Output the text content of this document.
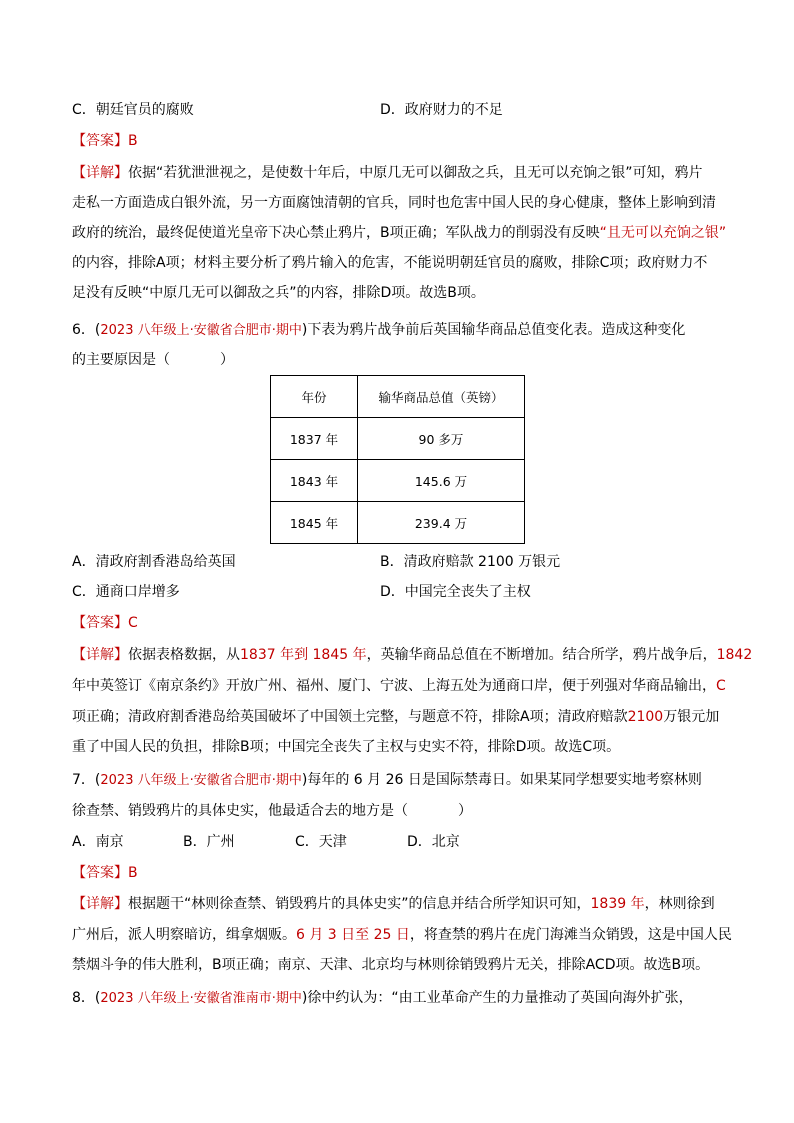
C．朝廷官员的腐败	D．政府财力的不足
【答案】B
【详解】依据“若犹泄泄视之，是使数十年后，中原几无可以御敌之兵，且无可以充饷之银”可知，鸦片
走私一方面造成白银外流，另一方面腐蚀清朝的官兵，同时也危害中国人民的身心健康，整体上影响到清
政府的统治，最终促使道光皇帝下决心禁止鸦片，B项正确；军队战力的削弱没有反映“且无可以充饷之银”
的内容，排除A项；材料主要分析了鸦片输入的危害，不能说明朝廷官员的腐败，排除C项；政府财力不
足没有反映“中原几无可以御敌之兵”的内容，排除D项。故选B项。
6．(2023 八年级上·安徽省合肥市·期中)下表为鸦片战争前后英国输华商品总值变化表。造成这种变化
的主要原因是（	）
年份	输华商品总值（英镑）
1837 年	90 多万
1843 年	145.6 万
1845 年	239.4 万
A．清政府割香港岛给英国	B．清政府赔款 2100 万银元
C．通商口岸增多	D．中国完全丧失了主权
【答案】C
【详解】依据表格数据，从1837 年到 1845 年，英输华商品总值在不断增加。结合所学，鸦片战争后，1842
年中英签订《南京条约》开放广州、福州、厦门、宁波、上海五处为通商口岸，便于列强对华商品输出，C
项正确；清政府割香港岛给英国破坏了中国领土完整，与题意不符，排除A项；清政府赔款2100万银元加
重了中国人民的负担，排除B项；中国完全丧失了主权与史实不符，排除D项。故选C项。
7．(2023 八年级上·安徽省合肥市·期中)每年的 6 月 26 日是国际禁毒日。如果某同学想要实地考察林则
徐查禁、销毁鸦片的具体史实，他最适合去的地方是（	）
A．南京	B．广州	C．天津	D．北京
【答案】B
【详解】根据题干“林则徐查禁、销毁鸦片的具体史实”的信息并结合所学知识可知，1839 年，林则徐到
广州后，派人明察暗访，缉拿烟贩。6 月 3 日至 25 日，将查禁的鸦片在虎门海滩当众销毁，这是中国人民
禁烟斗争的伟大胜利，B项正确；南京、天津、北京均与林则徐销毁鸦片无关，排除ACD项。故选B项。
8．(2023 八年级上·安徽省淮南市·期中)徐中约认为：“由工业革命产生的力量推动了英国向海外扩张，
